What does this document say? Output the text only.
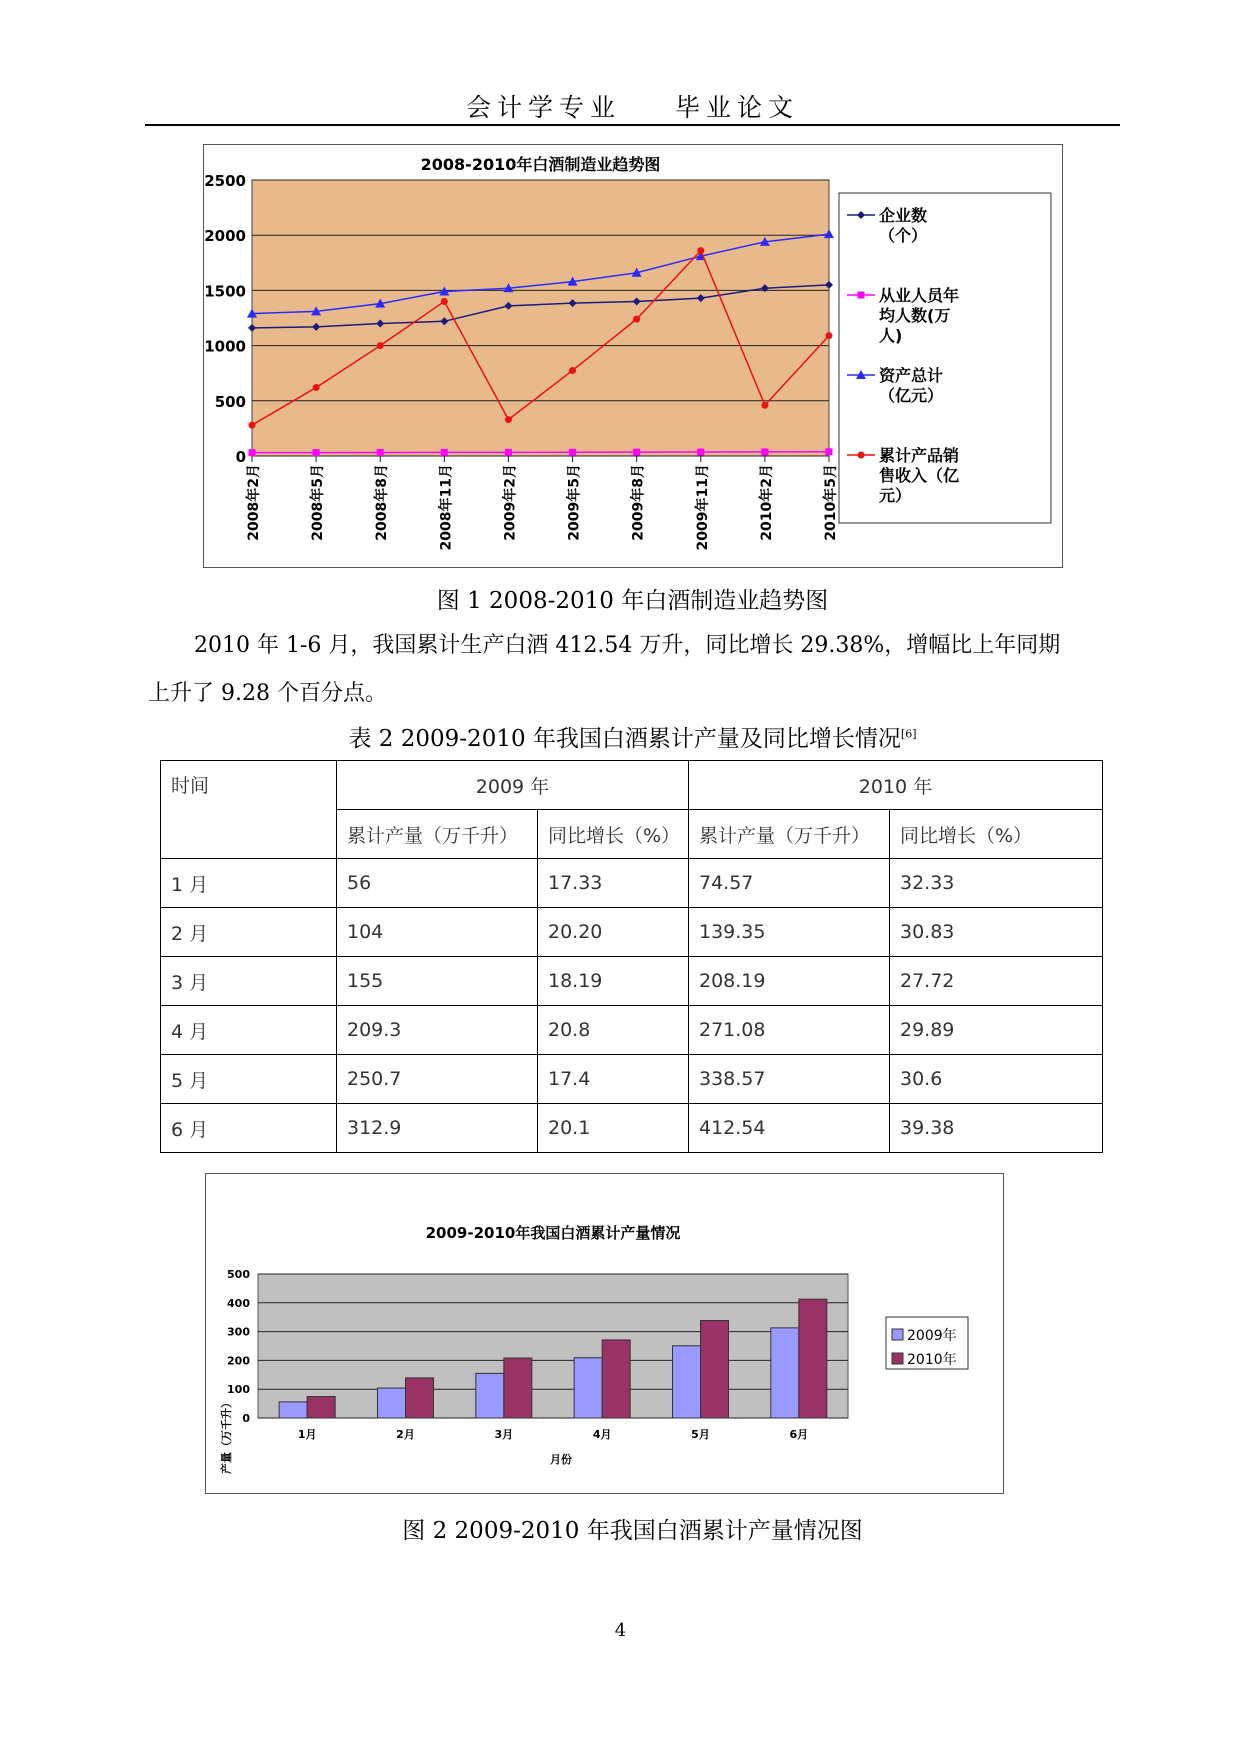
会计学专业 毕业论文
0
500
1000
1500
2000
2500
2008-2010年白酒制造业趋势图
2008年2月	2008年5月	2008年8月	2008年11月	2009年2月	2009年5月	2009年8月	2009年11月	2010年2月	2010年5月
企业数
（个）
从业人员年
均人数(万
人)
资产总计
（亿元）
累计产品销
售收入（亿
元）
图 1 2008-2010 年白酒制造业趋势图
2010 年 1-6 月，我国累计生产白酒 412.54 万升，同比增长 29.38%，增幅比上年同期
上升了 9.28 个百分点。
表 2 2009-2010 年我国白酒累计产量及同比增长情况[6]
时间	2009 年		2010 年	
	累计产量（万千升）	同比增长（%）	累计产量（万千升）	同比增长（%）
1 月	56	17.33	74.57	32.33
2 月	104	20.20	139.35	30.83
3 月	155	18.19	208.19	27.72
4 月	209.3	20.8	271.08	29.89
5 月	250.7	17.4	338.57	30.6
6 月	312.9	20.1	412.54	39.38
0
100
200
300
400
500
2009-2010年我国白酒累计产量情况
1月	2月	3月	4月	5月	6月
月份
产量（万千升）
2009年
2010年
图 2 2009-2010 年我国白酒累计产量情况图
4
